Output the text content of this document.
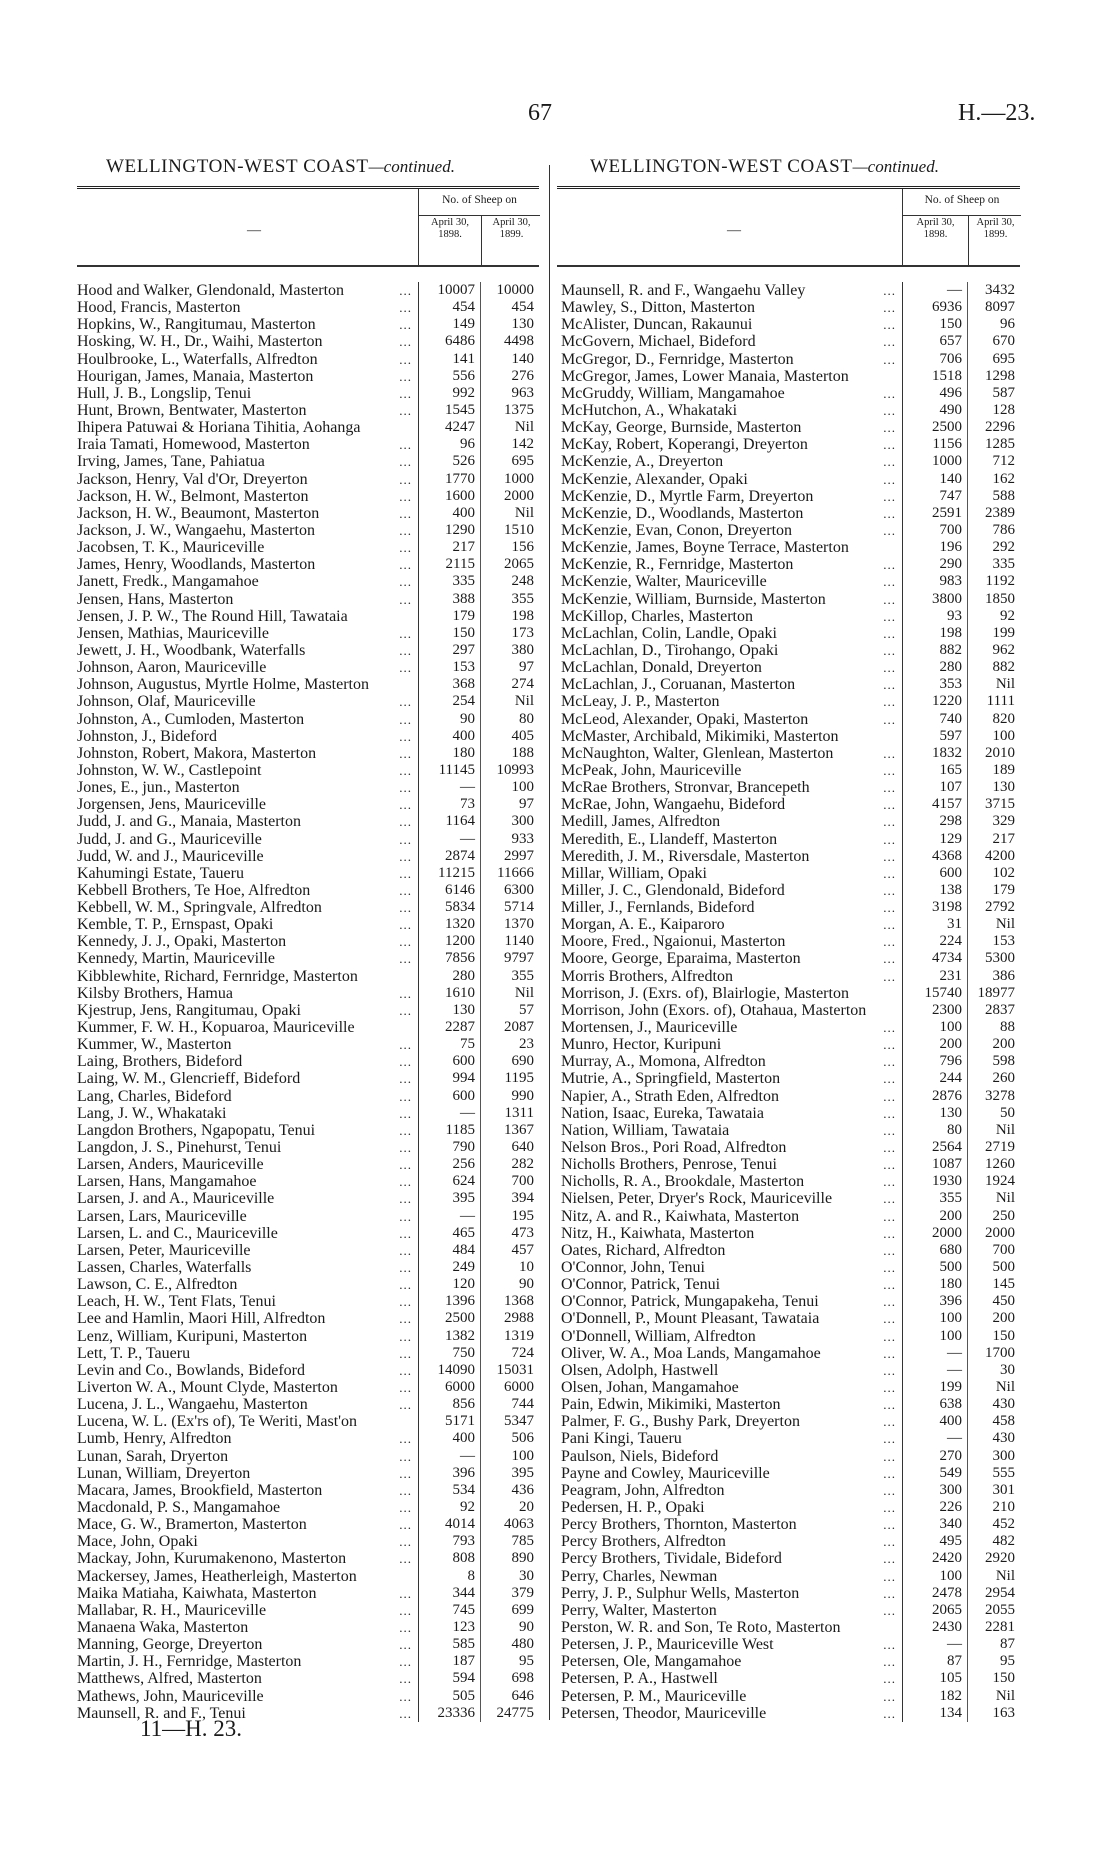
67	H.—23.
WELLINGTON-WEST COAST—continued.	WELLINGTON-WEST COAST—continued.
—
No. of Sheep on
April 30,
1898.
April 30,
1899.
Hood and Walker, Glendonald, Masterton	...	10007	10000
Hood, Francis, Masterton	...	454	454
Hopkins, W., Rangitumau, Masterton	...	149	130
Hosking, W. H., Dr., Waihi, Masterton	...	6486	4498
Houlbrooke, L., Waterfalls, Alfredton	...	141	140
Hourigan, James, Manaia, Masterton	...	556	276
Hull, J. B., Longslip, Tenui	...	992	963
Hunt, Brown, Bentwater, Masterton	...	1545	1375
Ihipera Patuwai & Horiana Tihitia, Aohanga	4247	Nil
Iraia Tamati, Homewood, Masterton	...	96	142
Irving, James, Tane, Pahiatua	...	526	695
Jackson, Henry, Val d'Or, Dreyerton	...	1770	1000
Jackson, H. W., Belmont, Masterton	...	1600	2000
Jackson, H. W., Beaumont, Masterton	...	400	Nil
Jackson, J. W., Wangaehu, Masterton	...	1290	1510
Jacobsen, T. K., Mauriceville	...	217	156
James, Henry, Woodlands, Masterton	...	2115	2065
Janett, Fredk., Mangamahoe	...	335	248
Jensen, Hans, Masterton	...	388	355
Jensen, J. P. W., The Round Hill, Tawataia	179	198
Jensen, Mathias, Mauriceville	...	150	173
Jewett, J. H., Woodbank, Waterfalls	...	297	380
Johnson, Aaron, Mauriceville	...	153	97
Johnson, Augustus, Myrtle Holme, Masterton	368	274
Johnson, Olaf, Mauriceville	...	254	Nil
Johnston, A., Cumloden, Masterton	...	90	80
Johnston, J., Bideford	...	400	405
Johnston, Robert, Makora, Masterton	...	180	188
Johnston, W. W., Castlepoint	...	11145	10993
Jones, E., jun., Masterton	...	—	100
Jorgensen, Jens, Mauriceville	...	73	97
Judd, J. and G., Manaia, Masterton	...	1164	300
Judd, J. and G., Mauriceville	...	—	933
Judd, W. and J., Mauriceville	...	2874	2997
Kahumingi Estate, Taueru	...	11215	11666
Kebbell Brothers, Te Hoe, Alfredton	...	6146	6300
Kebbell, W. M., Springvale, Alfredton	...	5834	5714
Kemble, T. P., Ernspast, Opaki	...	1320	1370
Kennedy, J. J., Opaki, Masterton	...	1200	1140
Kennedy, Martin, Mauriceville	...	7856	9797
Kibblewhite, Richard, Fernridge, Masterton	280	355
Kilsby Brothers, Hamua	...	1610	Nil
Kjestrup, Jens, Rangitumau, Opaki	...	130	57
Kummer, F. W. H., Kopuaroa, Mauriceville	2287	2087
Kummer, W., Masterton	...	75	23
Laing, Brothers, Bideford	...	600	690
Laing, W. M., Glencrieff, Bideford	...	994	1195
Lang, Charles, Bideford	...	600	990
Lang, J. W., Whakataki	...	—	1311
Langdon Brothers, Ngapopatu, Tenui	...	1185	1367
Langdon, J. S., Pinehurst, Tenui	...	790	640
Larsen, Anders, Mauriceville	...	256	282
Larsen, Hans, Mangamahoe	...	624	700
Larsen, J. and A., Mauriceville	...	395	394
Larsen, Lars, Mauriceville	...	—	195
Larsen, L. and C., Mauriceville	...	465	473
Larsen, Peter, Mauriceville	...	484	457
Lassen, Charles, Waterfalls	...	249	10
Lawson, C. E., Alfredton	...	120	90
Leach, H. W., Tent Flats, Tenui	...	1396	1368
Lee and Hamlin, Maori Hill, Alfredton	...	2500	2988
Lenz, William, Kuripuni, Masterton	...	1382	1319
Lett, T. P., Taueru	...	750	724
Levin and Co., Bowlands, Bideford	...	14090	15031
Liverton W. A., Mount Clyde, Masterton	...	6000	6000
Lucena, J. L., Wangaehu, Masterton	...	856	744
Lucena, W. L. (Ex'rs of), Te Weriti, Mast'on	5171	5347
Lumb, Henry, Alfredton	...	400	506
Lunan, Sarah, Dryerton	...	—	100
Lunan, William, Dreyerton	...	396	395
Macara, James, Brookfield, Masterton	...	534	436
Macdonald, P. S., Mangamahoe	...	92	20
Mace, G. W., Bramerton, Masterton	...	4014	4063
Mace, John, Opaki	...	793	785
Mackay, John, Kurumakenono, Masterton	...	808	890
Mackersey, James, Heatherleigh, Masterton	8	30
Maika Matiaha, Kaiwhata, Masterton	...	344	379
Mallabar, R. H., Mauriceville	...	745	699
Manaena Waka, Masterton	...	123	90
Manning, George, Dreyerton	...	585	480
Martin, J. H., Fernridge, Masterton	...	187	95
Matthews, Alfred, Masterton	...	594	698
Mathews, John, Mauriceville	...	505	646
Maunsell, R. and F., Tenui	...	23336	24775
—
No. of Sheep on
April 30,
1898.
April 30,
1899.
Maunsell, R. and F., Wangaehu Valley	...	—	3432
Mawley, S., Ditton, Masterton	...	6936	8097
McAlister, Duncan, Rakaunui	...	150	96
McGovern, Michael, Bideford	...	657	670
McGregor, D., Fernridge, Masterton	...	706	695
McGregor, James, Lower Manaia, Masterton	1518	1298
McGruddy, William, Mangamahoe	...	496	587
McHutchon, A., Whakataki	...	490	128
McKay, George, Burnside, Masterton	...	2500	2296
McKay, Robert, Koperangi, Dreyerton	...	1156	1285
McKenzie, A., Dreyerton	...	1000	712
McKenzie, Alexander, Opaki	...	140	162
McKenzie, D., Myrtle Farm, Dreyerton	...	747	588
McKenzie, D., Woodlands, Masterton	...	2591	2389
McKenzie, Evan, Conon, Dreyerton	...	700	786
McKenzie, James, Boyne Terrace, Masterton	196	292
McKenzie, R., Fernridge, Masterton	...	290	335
McKenzie, Walter, Mauriceville	...	983	1192
McKenzie, William, Burnside, Masterton	...	3800	1850
McKillop, Charles, Masterton	...	93	92
McLachlan, Colin, Landle, Opaki	...	198	199
McLachlan, D., Tirohango, Opaki	...	882	962
McLachlan, Donald, Dreyerton	...	280	882
McLachlan, J., Coruanan, Masterton	...	353	Nil
McLeay, J. P., Masterton	...	1220	1111
McLeod, Alexander, Opaki, Masterton	...	740	820
McMaster, Archibald, Mikimiki, Masterton	597	100
McNaughton, Walter, Glenlean, Masterton	...	1832	2010
McPeak, John, Mauriceville	...	165	189
McRae Brothers, Stronvar, Brancepeth	...	107	130
McRae, John, Wangaehu, Bideford	...	4157	3715
Medill, James, Alfredton	...	298	329
Meredith, E., Llandeff, Masterton	...	129	217
Meredith, J. M., Riversdale, Masterton	...	4368	4200
Millar, William, Opaki	...	600	102
Miller, J. C., Glendonald, Bideford	...	138	179
Miller, J., Fernlands, Bideford	...	3198	2792
Morgan, A. E., Kaiparoro	...	31	Nil
Moore, Fred., Ngaionui, Masterton	...	224	153
Moore, George, Eparaima, Masterton	...	4734	5300
Morris Brothers, Alfredton	...	231	386
Morrison, J. (Exrs. of), Blairlogie, Masterton	15740	18977
Morrison, John (Exors. of), Otahaua, Masterton	2300	2837
Mortensen, J., Mauriceville	...	100	88
Munro, Hector, Kuripuni	...	200	200
Murray, A., Momona, Alfredton	...	796	598
Mutrie, A., Springfield, Masterton	...	244	260
Napier, A., Strath Eden, Alfredton	...	2876	3278
Nation, Isaac, Eureka, Tawataia	...	130	50
Nation, William, Tawataia	...	80	Nil
Nelson Bros., Pori Road, Alfredton	...	2564	2719
Nicholls Brothers, Penrose, Tenui	...	1087	1260
Nicholls, R. A., Brookdale, Masterton	...	1930	1924
Nielsen, Peter, Dryer's Rock, Mauriceville	...	355	Nil
Nitz, A. and R., Kaiwhata, Masterton	...	200	250
Nitz, H., Kaiwhata, Masterton	...	2000	2000
Oates, Richard, Alfredton	...	680	700
O'Connor, John, Tenui	...	500	500
O'Connor, Patrick, Tenui	...	180	145
O'Connor, Patrick, Mungapakeha, Tenui	...	396	450
O'Donnell, P., Mount Pleasant, Tawataia	...	100	200
O'Donnell, William, Alfredton	...	100	150
Oliver, W. A., Moa Lands, Mangamahoe	...	—	1700
Olsen, Adolph, Hastwell	...	—	30
Olsen, Johan, Mangamahoe	...	199	Nil
Pain, Edwin, Mikimiki, Masterton	...	638	430
Palmer, F. G., Bushy Park, Dreyerton	...	400	458
Pani Kingi, Taueru	...	—	430
Paulson, Niels, Bideford	...	270	300
Payne and Cowley, Mauriceville	...	549	555
Peagram, John, Alfredton	...	300	301
Pedersen, H. P., Opaki	...	226	210
Percy Brothers, Thornton, Masterton	...	340	452
Percy Brothers, Alfredton	...	495	482
Percy Brothers, Tividale, Bideford	...	2420	2920
Perry, Charles, Newman	...	100	Nil
Perry, J. P., Sulphur Wells, Masterton	...	2478	2954
Perry, Walter, Masterton	...	2065	2055
Perston, W. R. and Son, Te Roto, Masterton	2430	2281
Petersen, J. P., Mauriceville West	...	—	87
Petersen, Ole, Mangamahoe	...	87	95
Petersen, P. A., Hastwell	...	105	150
Petersen, P. M., Mauriceville	...	182	Nil
Petersen, Theodor, Mauriceville	...	134	163
11—H. 23.
